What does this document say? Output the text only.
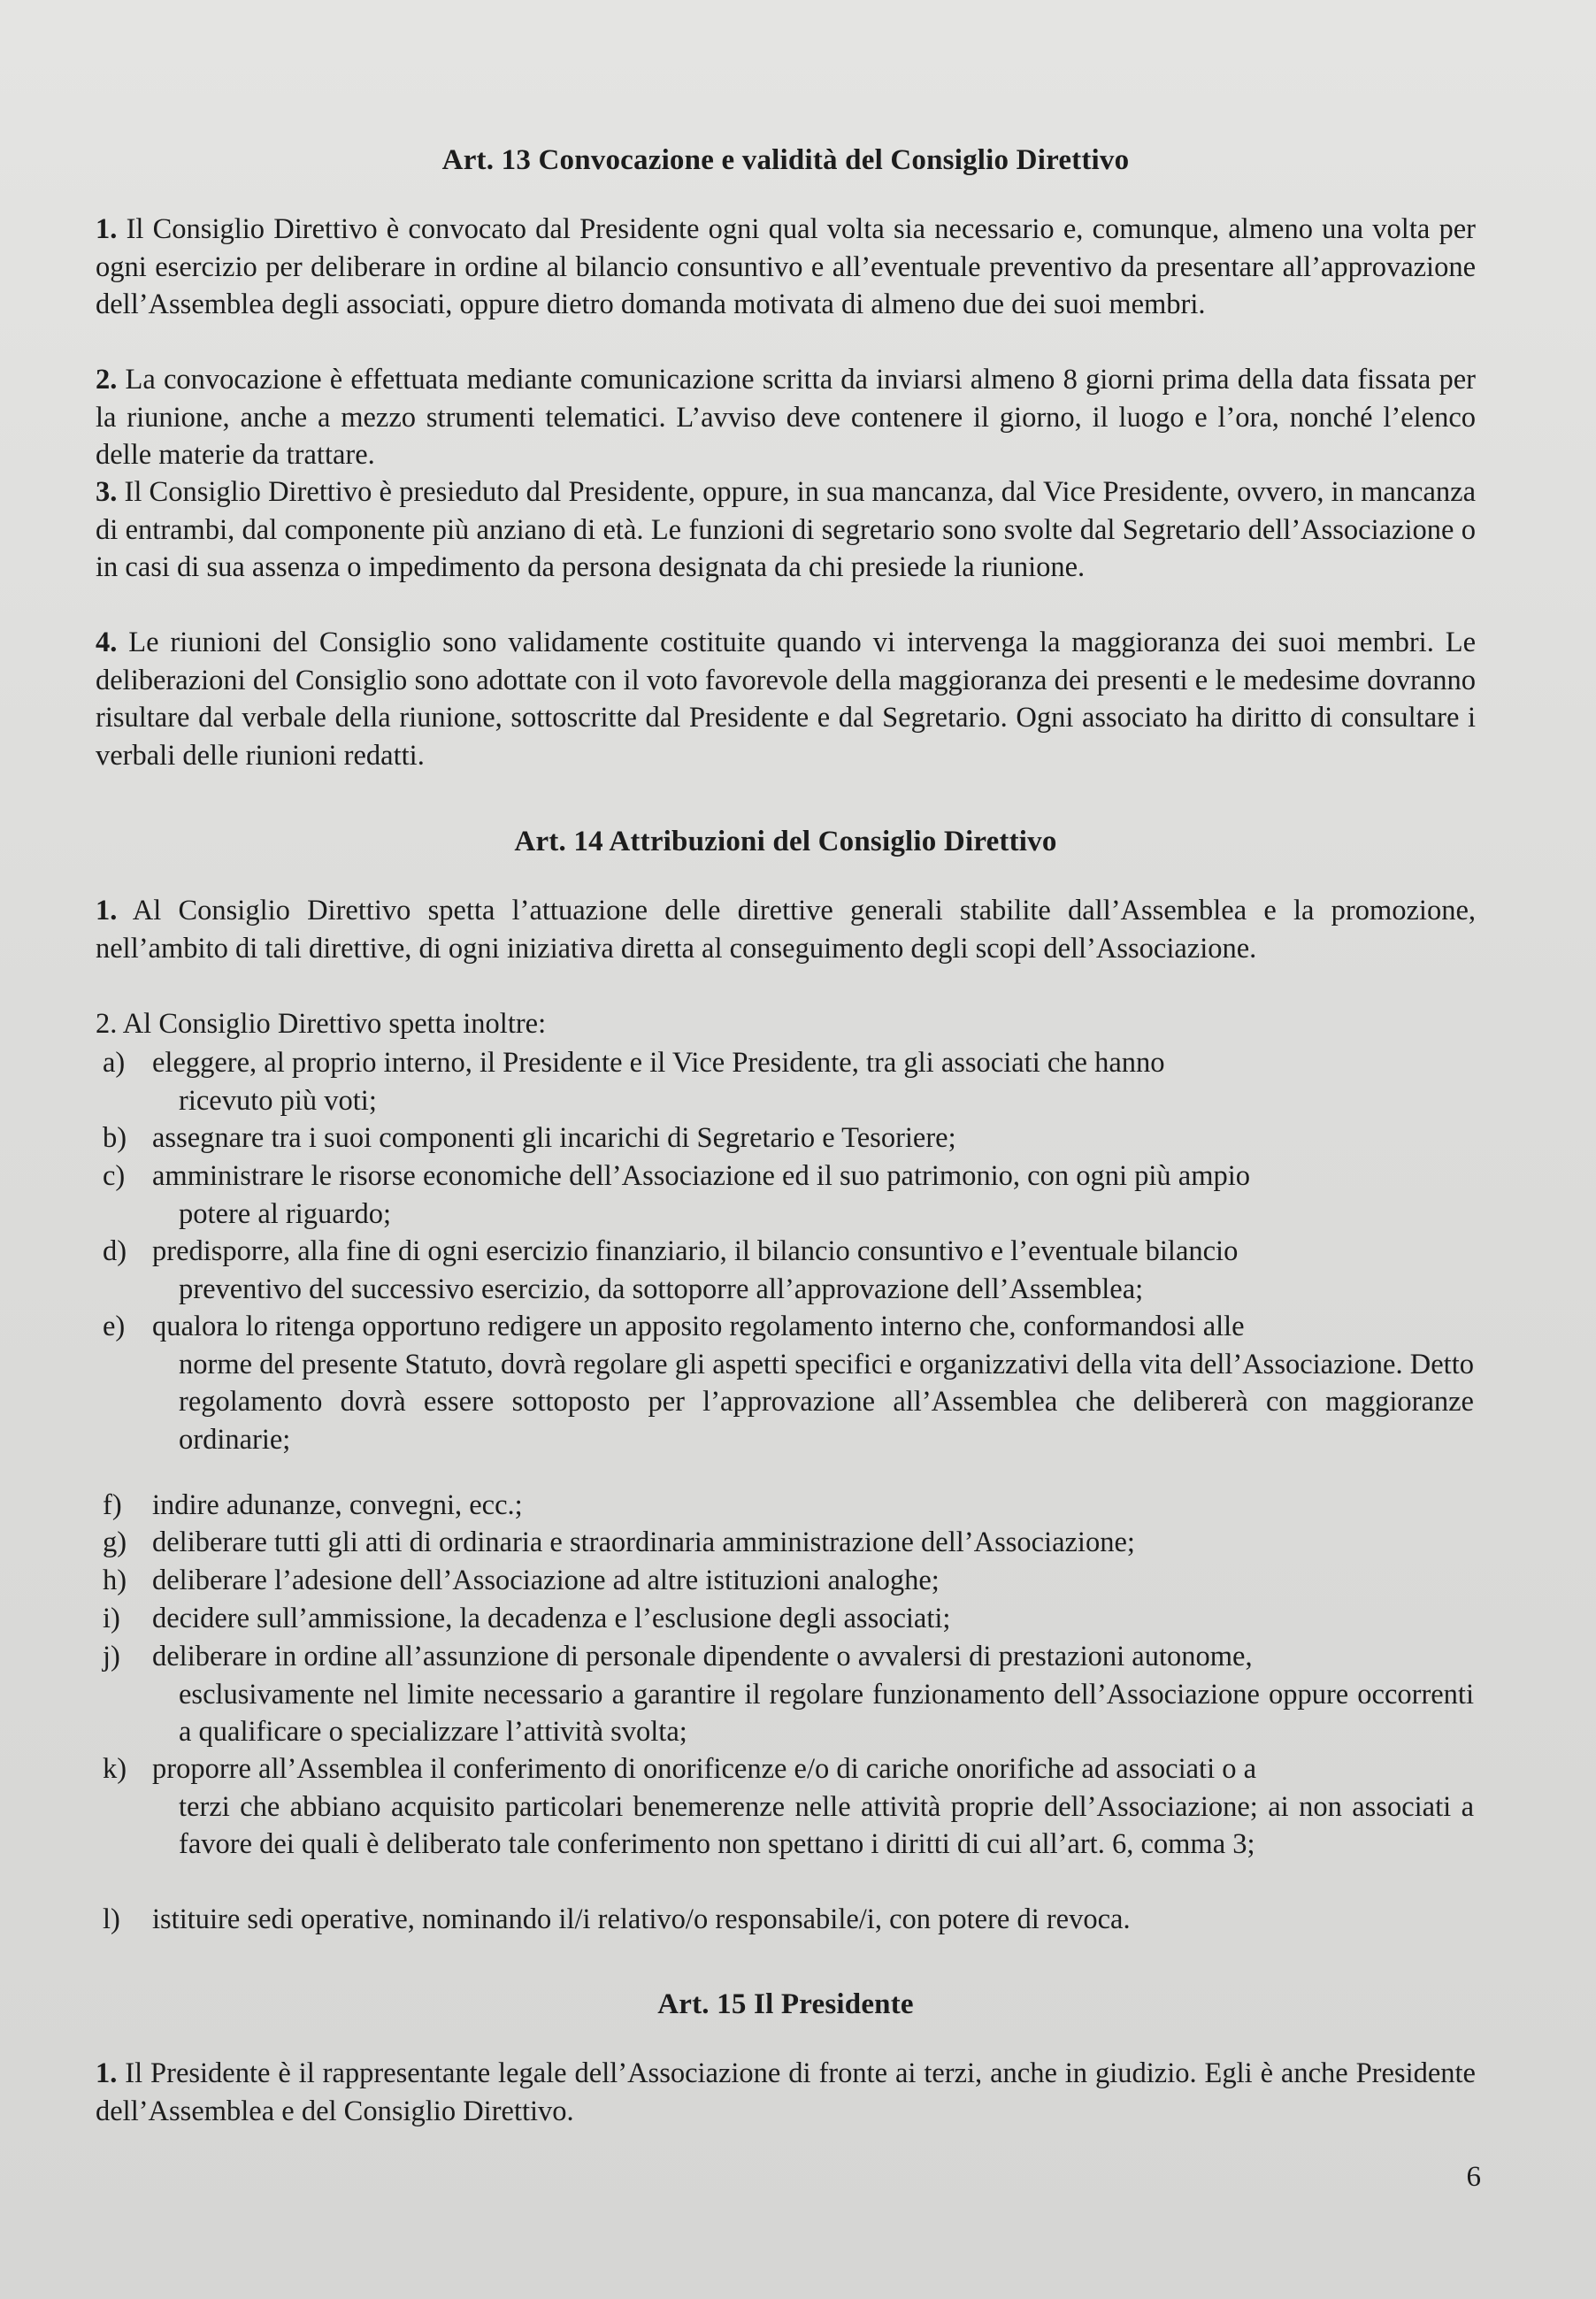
Art. 13 Convocazione e validità del Consiglio Direttivo
1. Il Consiglio Direttivo è convocato dal Presidente ogni qual volta sia necessario e, comunque, almeno una volta per ogni esercizio per deliberare in ordine al bilancio consuntivo e all’eventuale preventivo da presentare all’approvazione dell’Assemblea degli associati, oppure dietro domanda motivata di almeno due dei suoi membri.
2. La convocazione è effettuata mediante comunicazione scritta da inviarsi almeno 8 giorni prima della data fissata per la riunione, anche a mezzo strumenti telematici. L’avviso deve contenere il giorno, il luogo e l’ora, nonché l’elenco delle materie da trattare.
3. Il Consiglio Direttivo è presieduto dal Presidente, oppure, in sua mancanza, dal Vice Presidente, ovvero, in mancanza di entrambi, dal componente più anziano di età. Le funzioni di segretario sono svolte dal Segretario dell’Associazione o in casi di sua assenza o impedimento da persona designata da chi presiede la riunione.
4. Le riunioni del Consiglio sono validamente costituite quando vi intervenga la maggioranza dei suoi membri. Le deliberazioni del Consiglio sono adottate con il voto favorevole della maggioranza dei presenti e le medesime dovranno risultare dal verbale della riunione, sottoscritte dal Presidente e dal Segretario. Ogni associato ha diritto di consultare i verbali delle riunioni redatti.
Art. 14 Attribuzioni del Consiglio Direttivo
1. Al Consiglio Direttivo spetta l’attuazione delle direttive generali stabilite dall’Assemblea e la promozione, nell’ambito di tali direttive, di ogni iniziativa diretta al conseguimento degli scopi dell’Associazione.
2. Al Consiglio Direttivo spetta inoltre:
a) eleggere, al proprio interno, il Presidente e il Vice Presidente, tra gli associati che hanno
ricevuto più voti;
b) assegnare tra i suoi componenti gli incarichi di Segretario e Tesoriere;
c) amministrare le risorse economiche dell’Associazione ed il suo patrimonio, con ogni più ampio
potere al riguardo;
d) predisporre, alla fine di ogni esercizio finanziario, il bilancio consuntivo e l’eventuale bilancio
preventivo del successivo esercizio, da sottoporre all’approvazione dell’Assemblea;
e) qualora lo ritenga opportuno redigere un apposito regolamento interno che, conformandosi alle
norme del presente Statuto, dovrà regolare gli aspetti specifici e organizzativi della vita dell’Associazione. Detto regolamento dovrà essere sottoposto per l’approvazione all’Assemblea che delibererà con maggioranze ordinarie;
f)	indire adunanze, convegni, ecc.;
g) deliberare tutti gli atti di ordinaria e straordinaria amministrazione dell’Associazione;
h) deliberare l’adesione dell’Associazione ad altre istituzioni analoghe;
i)	decidere sull’ammissione, la decadenza e l’esclusione degli associati;
j)	deliberare in ordine all’assunzione di personale dipendente o avvalersi di prestazioni autonome,
esclusivamente nel limite necessario a garantire il regolare funzionamento dell’Associazione oppure occorrenti a qualificare o specializzare l’attività svolta;
k) proporre all’Assemblea il conferimento di onorificenze e/o di cariche onorifiche ad associati o a
terzi che abbiano acquisito particolari benemerenze nelle attività proprie dell’Associazione; ai non associati a favore dei quali è deliberato tale conferimento non spettano i diritti di cui all’art. 6, comma 3;
l)	istituire sedi operative, nominando il/i relativo/o responsabile/i, con potere di revoca.
Art. 15 Il Presidente
1. Il Presidente è il rappresentante legale dell’Associazione di fronte ai terzi, anche in giudizio. Egli è anche Presidente dell’Assemblea e del Consiglio Direttivo.
6
